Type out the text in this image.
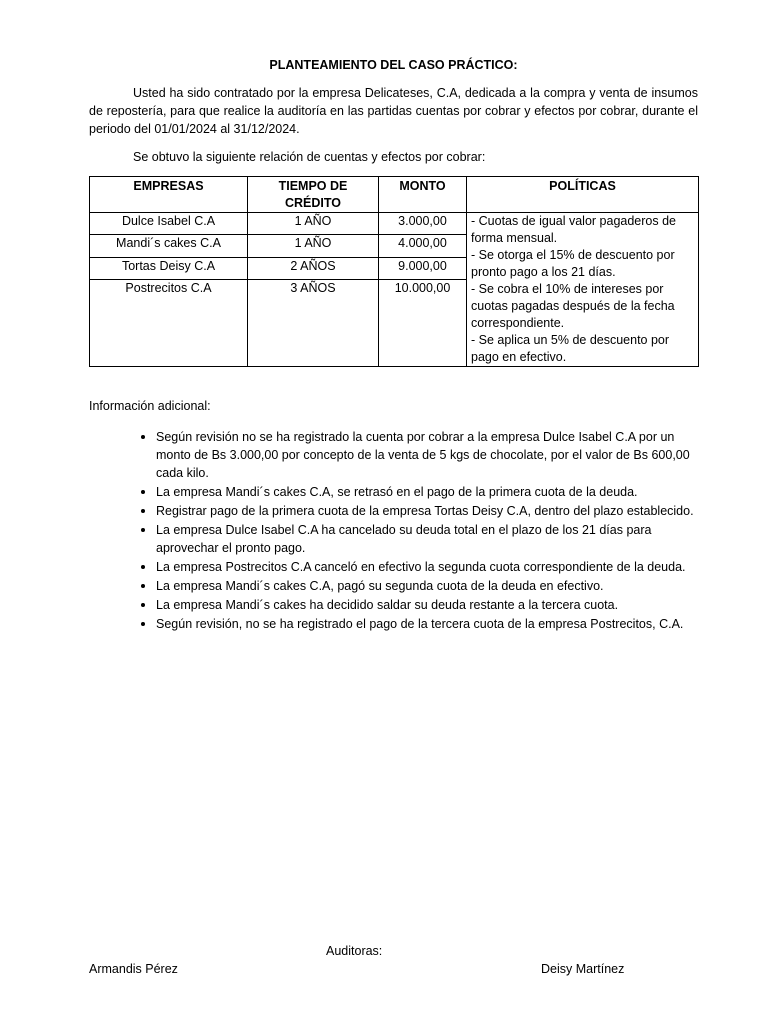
PLANTEAMIENTO DEL CASO PRÁCTICO:

Usted ha sido contratado por la empresa Delicateses, C.A, dedicada a la compra y venta de insumos de repostería, para que realice la auditoría en las partidas cuentas por cobrar y efectos por cobrar, durante el periodo del 01/01/2024 al 31/12/2024.

Se obtuvo la siguiente relación de cuentas y efectos por cobrar:

EMPRESAS	TIEMPO DE CRÉDITO	MONTO	POLÍTICAS
Dulce Isabel C.A	1 AÑO	3.000,00	- Cuotas de igual valor pagaderos de forma mensual.
- Se otorga el 15% de descuento por pronto pago a los 21 días.
- Se cobra el 10% de intereses por cuotas pagadas después de la fecha correspondiente.
- Se aplica un 5% de descuento por pago en efectivo.

Mandi´s cakes C.A	1 AÑO	4.000,00	
Tortas Deisy C.A	2 AÑOS	9.000,00	
Postrecitos C.A	3 AÑOS	10.000,00	

Información adicional:

• Según revisión no se ha registrado la cuenta por cobrar a la empresa Dulce Isabel C.A por un monto de Bs 3.000,00 por concepto de la venta de 5 kgs de chocolate, por el valor de Bs 600,00 cada kilo.
• La empresa Mandi´s cakes C.A, se retrasó en el pago de la primera cuota de la deuda.
• Registrar pago de la primera cuota de la empresa Tortas Deisy C.A, dentro del plazo establecido.
• La empresa Dulce Isabel C.A ha cancelado su deuda total en el plazo de los 21 días para aprovechar el pronto pago.
• La empresa Postrecitos C.A canceló en efectivo la segunda cuota correspondiente de la deuda.
• La empresa Mandi´s cakes C.A, pagó su segunda cuota de la deuda en efectivo.
• La empresa Mandi´s cakes ha decidido saldar su deuda restante a la tercera cuota.
• Según revisión, no se ha registrado el pago de la tercera cuota de la empresa Postrecitos, C.A.
Auditoras:
Armandis Pérez	Deisy Martínez
